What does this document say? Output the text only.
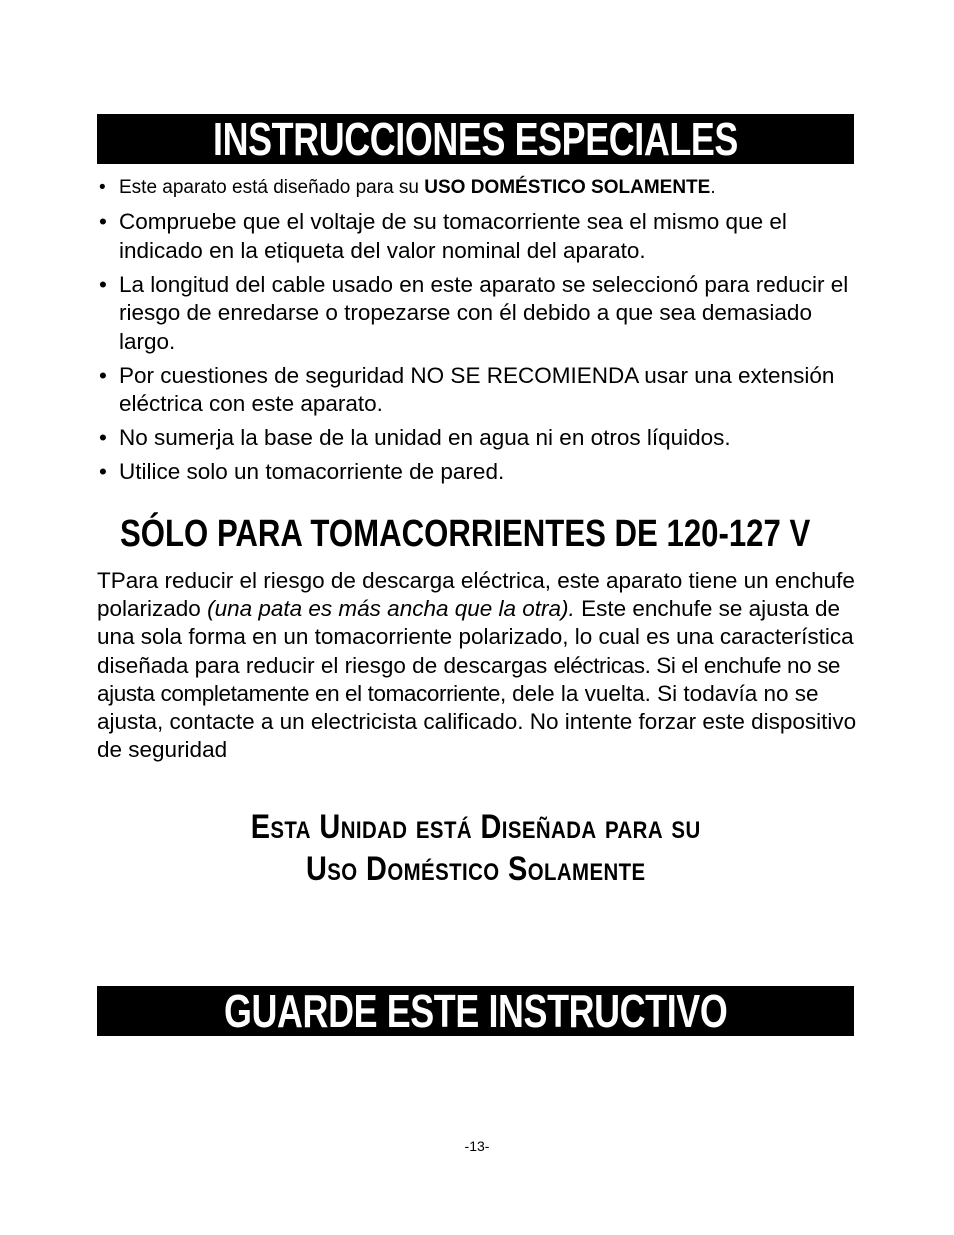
INSTRUCCIONES ESPECIALES
• Este aparato está diseñado para su USO DOMÉSTICO SOLAMENTE.
• Compruebe que el voltaje de su tomacorriente sea el mismo que el indicado en la etiqueta del valor nominal del aparato.
• La longitud del cable usado en este aparato se seleccionó para reducir el riesgo de enredarse o tropezarse con él debido a que sea demasiado largo.
• Por cuestiones de seguridad NO SE RECOMIENDA usar una extensión eléctrica con este aparato.
• No sumerja la base de la unidad en agua ni en otros líquidos.
• Utilice solo un tomacorriente de pared.
SÓLO PARA TOMACORRIENTES DE 120-127 V

TPara reducir el riesgo de descarga eléctrica, este aparato tiene un enchufe polarizado (una pata es más ancha que la otra). Este enchufe se ajusta de una sola forma en un tomacorriente polarizado, lo cual es una característica diseñada para reducir el riesgo de descargas eléctricas. Si el enchufe no se ajusta completamente en el tomacorriente, dele la vuelta. Si todavía no se ajusta, contacte a un electricista calificado. No intente forzar este dispositivo de seguridad

Esta Unidad está Diseñada para su
Uso Doméstico Solamente
GUARDE ESTE INSTRUCTIVO
-13-
